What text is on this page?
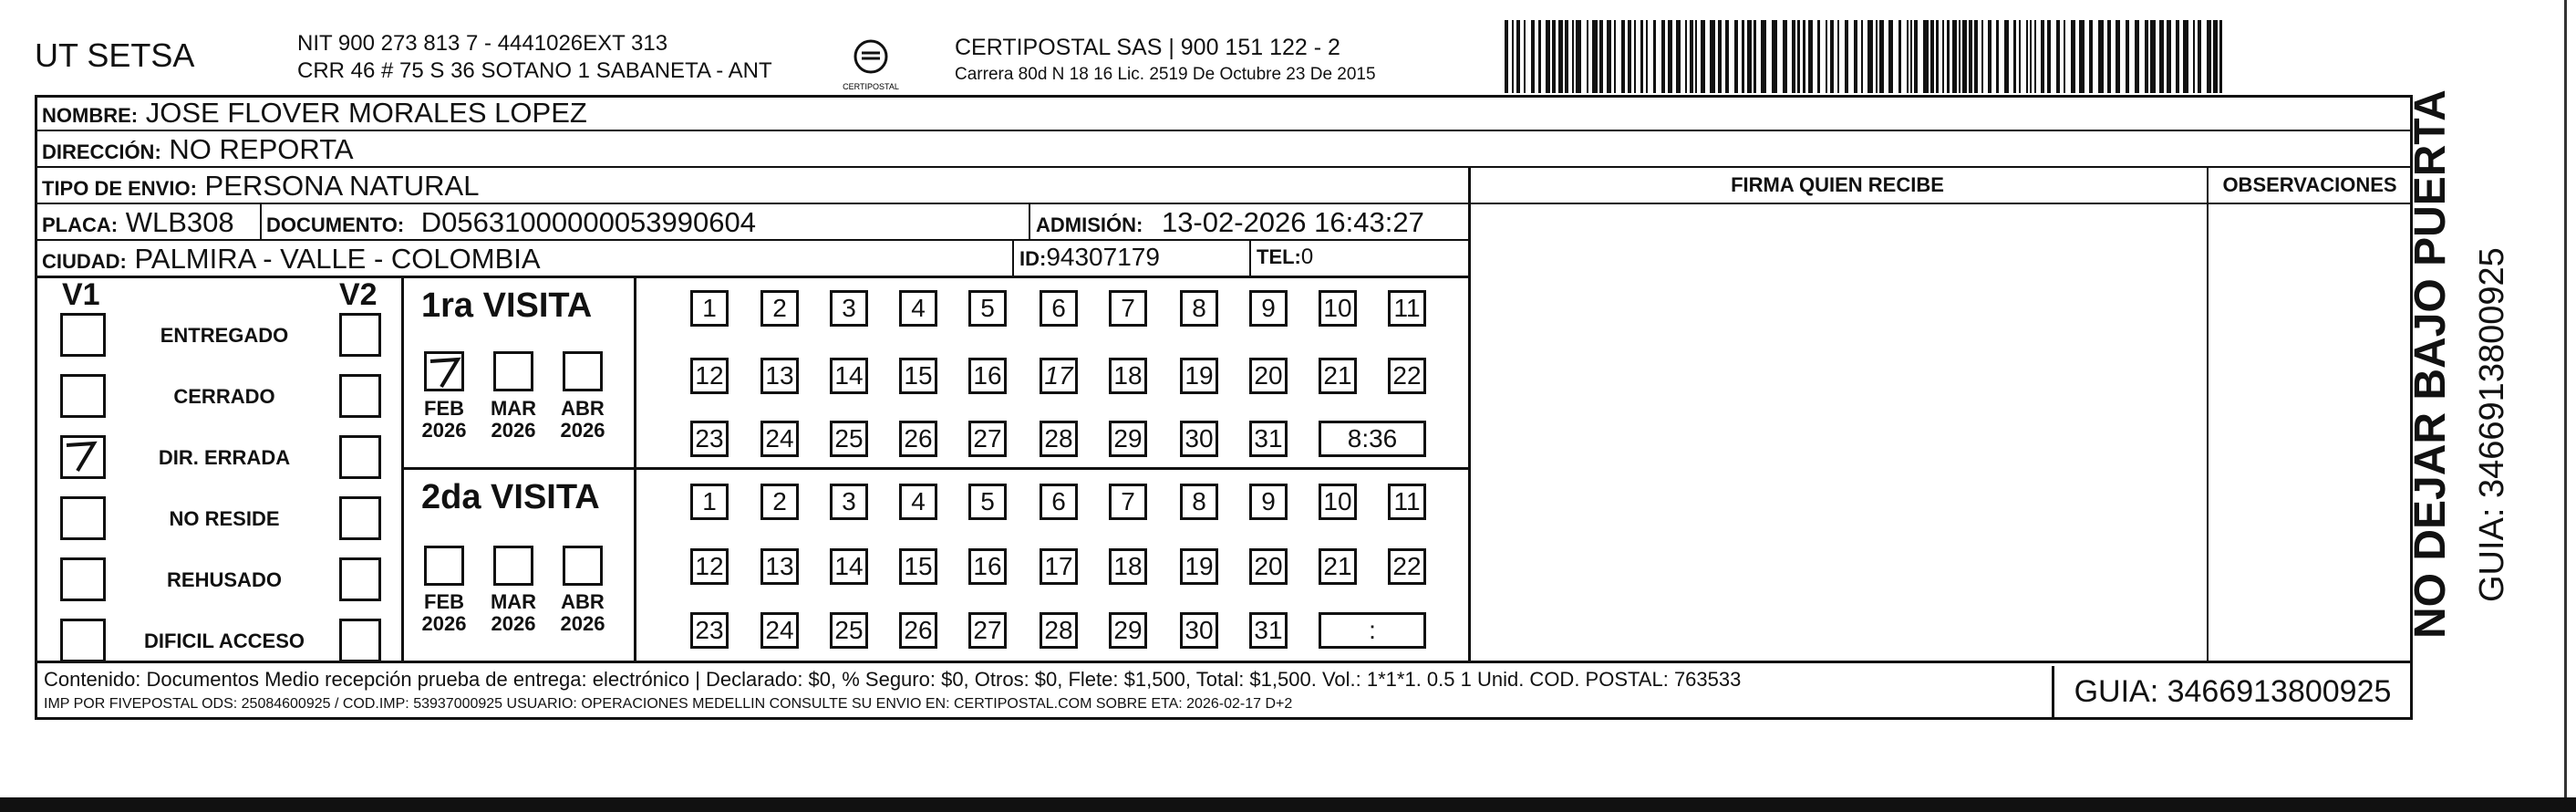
UT SETSA	NIT 900 273 813 7 - 4441026EXT 313
CRR 46 # 75 S 36 SOTANO 1 SABANETA - ANT
CERTIPOSTAL
CERTIPOSTAL SAS | 900 151 122 - 2
Carrera 80d N 18 16 Lic. 2519 De Octubre 23 De 2015
NOMBRE: JOSE FLOVER MORALES LOPEZ
DIRECCIÓN: NO REPORTA
TIPO DE ENVIO: PERSONA NATURAL
PLACA: WLB308 DOCUMENTO: D05631000000053990604	ADMISIÓN: 13-02-2026 16:43:27
CIUDAD: PALMIRA - VALLE - COLOMBIA	ID:94307179	TEL:0
FIRMA QUIEN RECIBE	OBSERVACIONES
V1	V2 1ra VISITA
2da VISITA
Contenido: Documentos Medio recepción prueba de entrega: electrónico | Declarado: $0, % Seguro: $0, Otros: $0, Flete: $1,500, Total: $1,500. Vol.: 1*1*1. 0.5 1 Unid. COD. POSTAL: 763533
IMP POR FIVEPOSTAL ODS: 25084600925 / COD.IMP: 53937000925 USUARIO: OPERACIONES MEDELLIN CONSULTE SU ENVIO EN: CERTIPOSTAL.COM SOBRE ETA: 2026-02-17 D+2	GUIA: 3466913800925
NO DEJAR BAJO PUERTA GUIA: 3466913800925
ENTREGADO
CERRADO
DIR. ERRADA
NO RESIDE
REHUSADO
DIFICIL ACCESO
FEB
2026
MAR
2026
ABR
2026
FEB
2026
MAR
2026
ABR
2026
1	2	3	4	5	6	7	8	9	10 11
12 13 14 15 16 17 18 19 20 21 22
23 24 25 26 27 28 29 30 31	8:36
1	2	3	4	5	6	7	8	9	10 11
12 13 14 15 16 17 18 19 20 21 22
23 24 25 26 27 28 29 30 31	:
